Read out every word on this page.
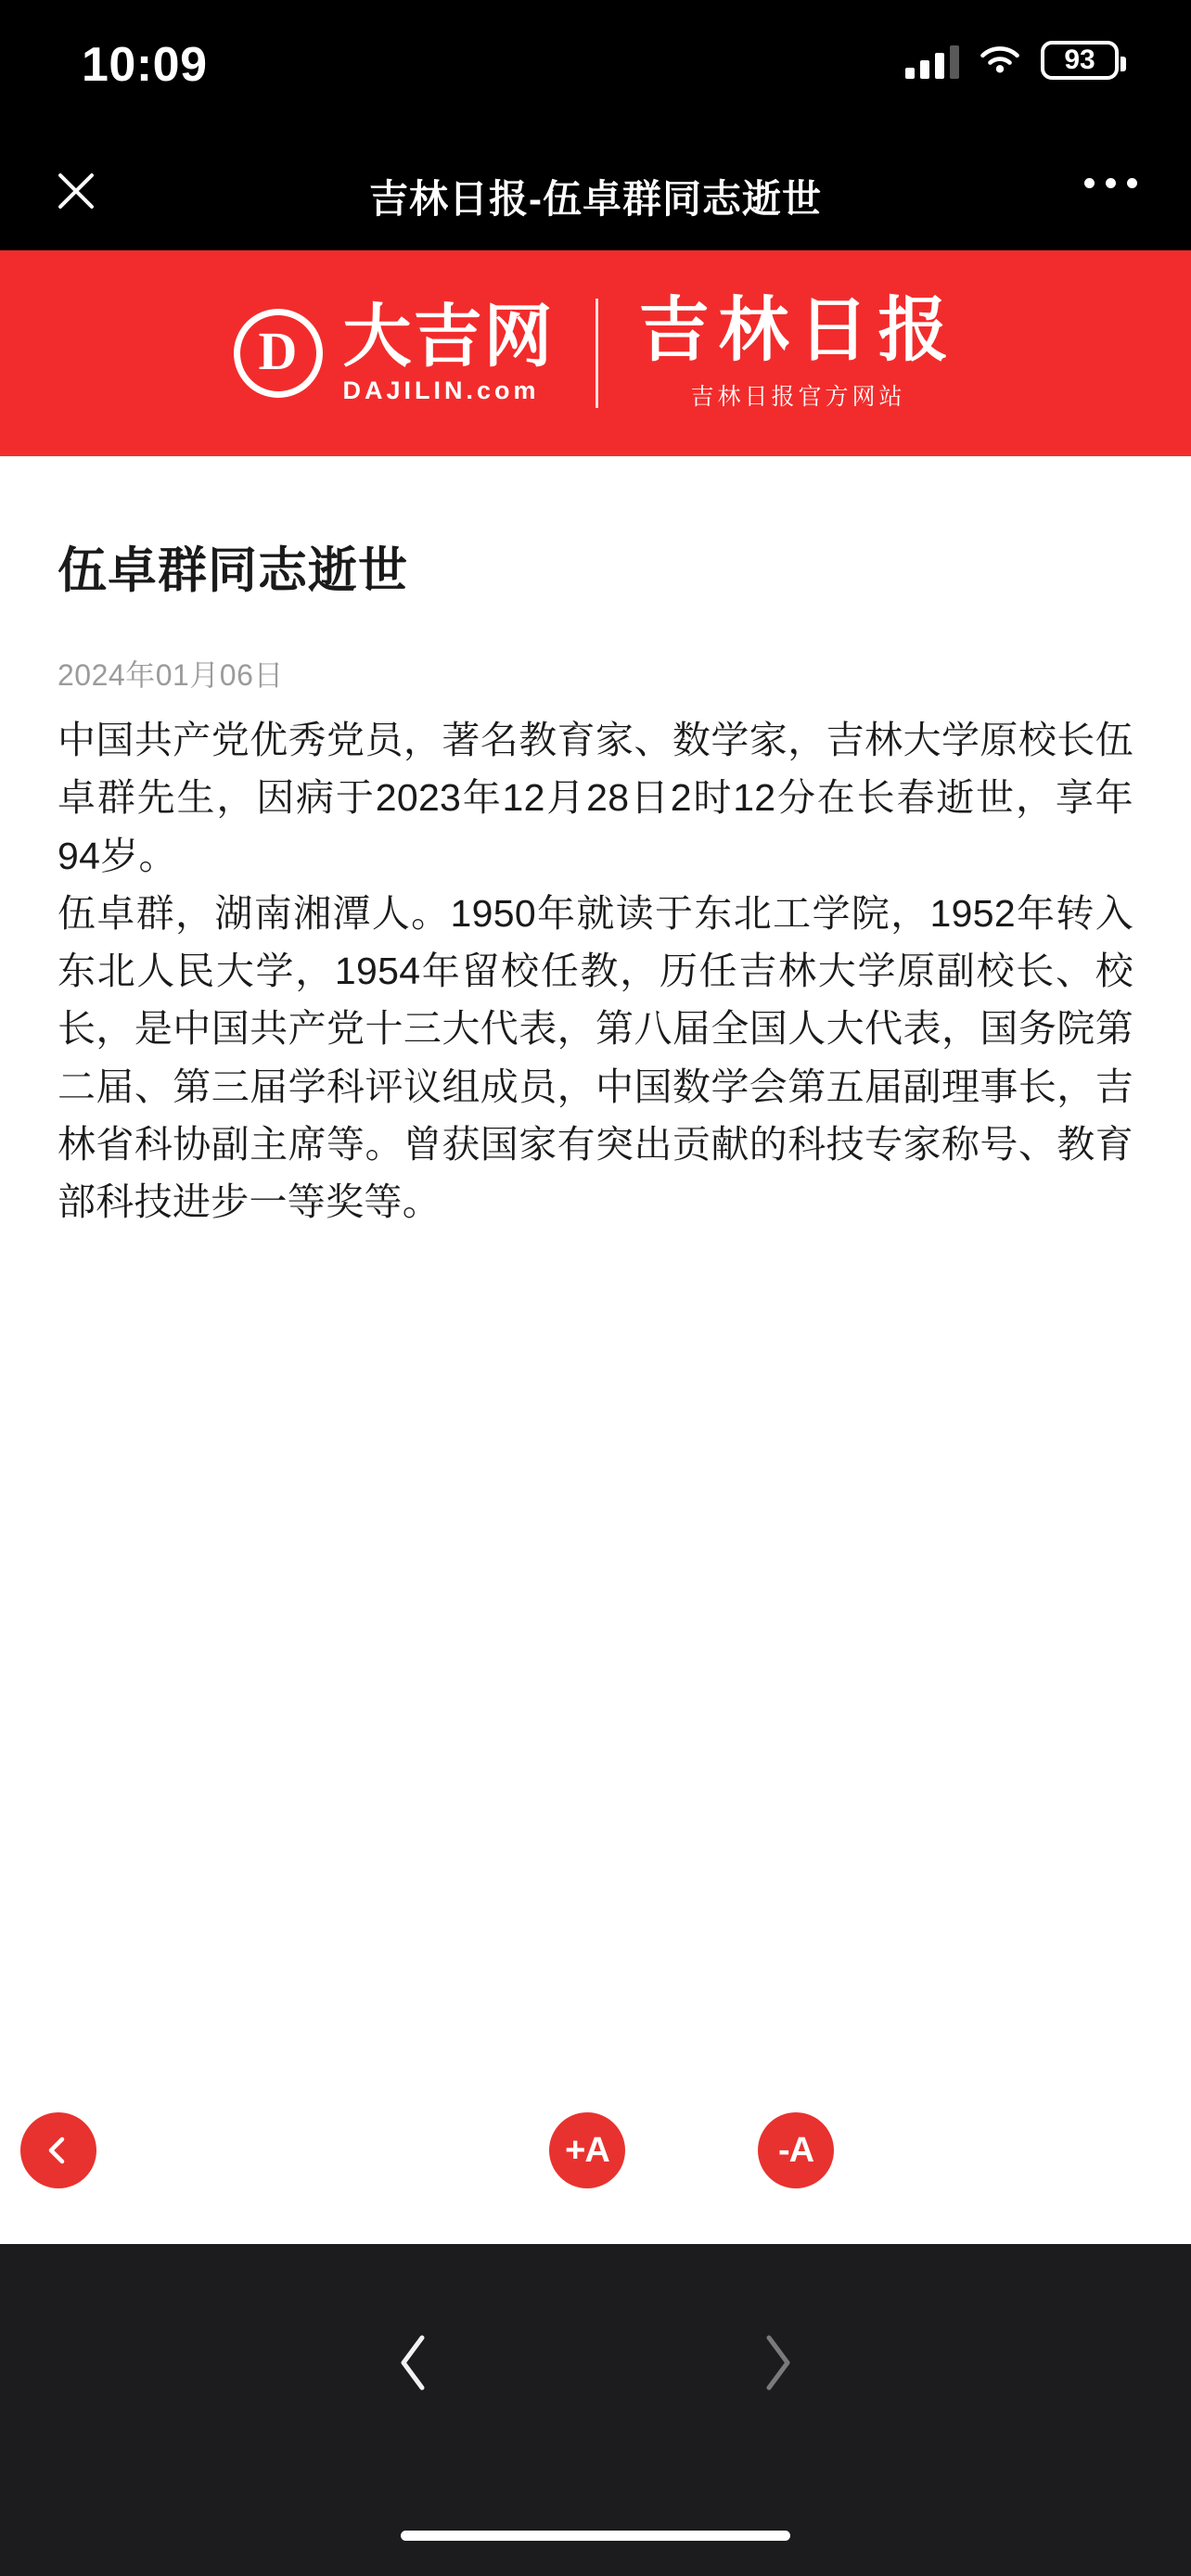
10:09	93
吉林日报-伍卓群同志逝世
D 大吉网
DAJILIN.com
吉林日报
吉林日报官方网站
伍卓群同志逝世
2024年01月06日

中国共产党优秀党员，著名教育家、数学家，吉林大学原校长伍卓群先生，因病于2023年12月28日2时12分在长春逝世，享年94岁。

伍卓群，湖南湘潭人。1950年就读于东北工学院，1952年转入东北人民大学，1954年留校任教，历任吉林大学原副校长、校长，是中国共产党十三大代表，第八届全国人大代表，国务院第二届、第三届学科评议组成员，中国数学会第五届副理事长，吉林省科协副主席等。曾获国家有突出贡献的科技专家称号、教育部科技进步一等奖等。

+A	-A
